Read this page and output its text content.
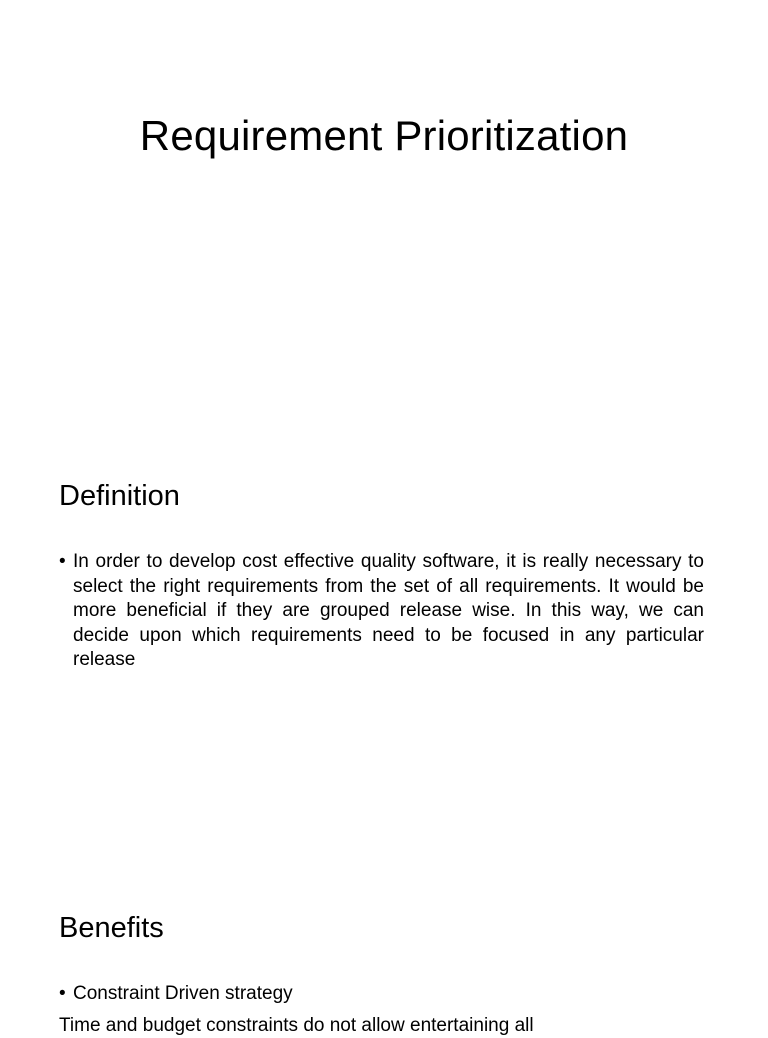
Requirement Prioritization
Definition
• In order to develop cost effective quality software, it is really necessary to select the right requirements from the set of all requirements. It would be more beneficial if they are grouped release wise. In this way, we can decide upon which requirements need to be focused in any particular release
Benefits
• Constraint Driven strategy
Time and budget constraints do not allow entertaining all
